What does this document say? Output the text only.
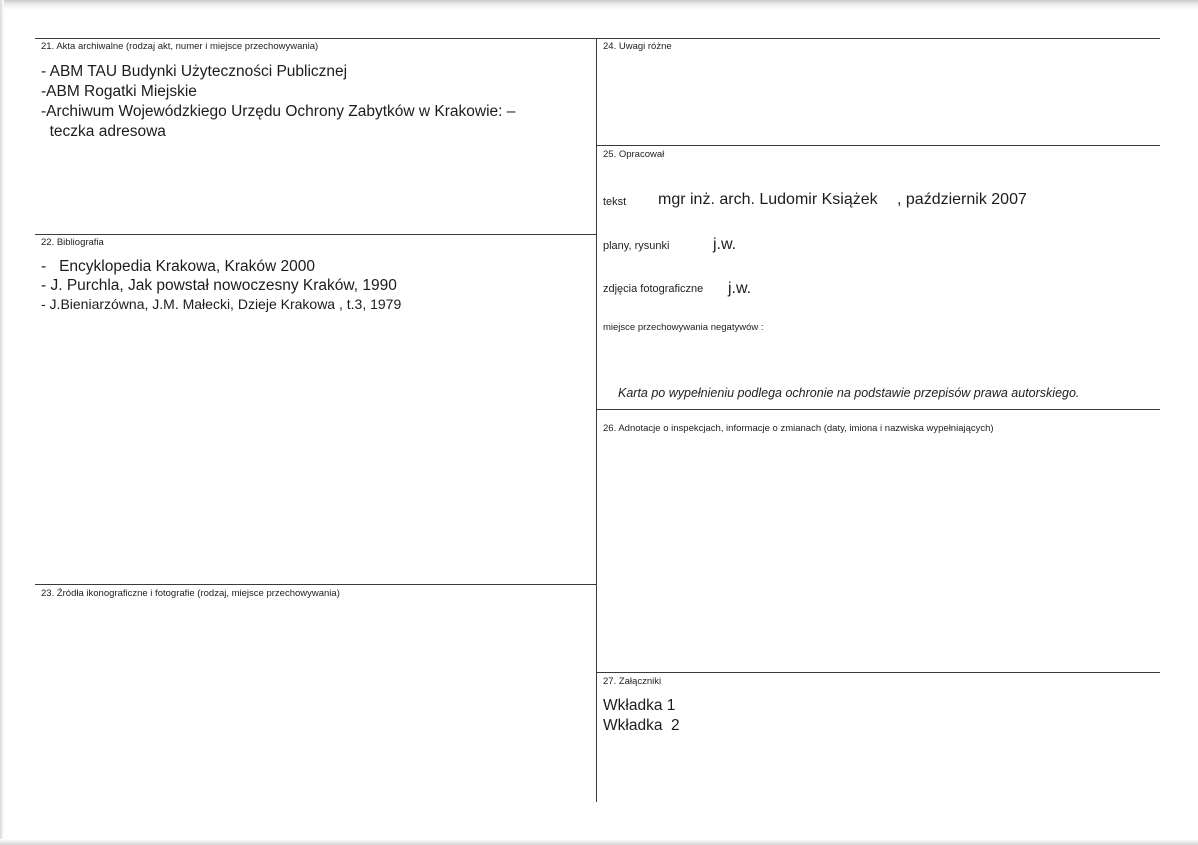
21. Akta archiwalne (rodzaj akt, numer i miejsce przechowywania)
- ABM TAU Budynki Użyteczności Publicznej
-ABM Rogatki Miejskie
-Archiwum Wojewódzkiego Urzędu Ochrony Zabytków w Krakowie: –
teczka adresowa
22. Bibliografia
-   Encyklopedia Krakowa, Kraków 2000
- J. Purchla, Jak powstał nowoczesny Kraków, 1990
- J.Bieniarzówna, J.M. Małecki, Dzieje Krakowa , t.3, 1979
23. Źródła ikonograficzne i fotografie (rodzaj, miejsce przechowywania)
24. Uwagi różne
25. Opracował
tekst mgr inż. arch. Ludomir Książek , październik 2007
plany, rysunki	j.w.
zdjęcia fotograficzne j.w.
miejsce przechowywania negatywów :
Karta po wypełnieniu podlega ochronie na podstawie przepisów prawa autorskiego.
26. Adnotacje o inspekcjach, informacje o zmianach (daty, imiona i nazwiska wypełniających)
27. Załączniki
Wkładka 1
Wkładka  2
